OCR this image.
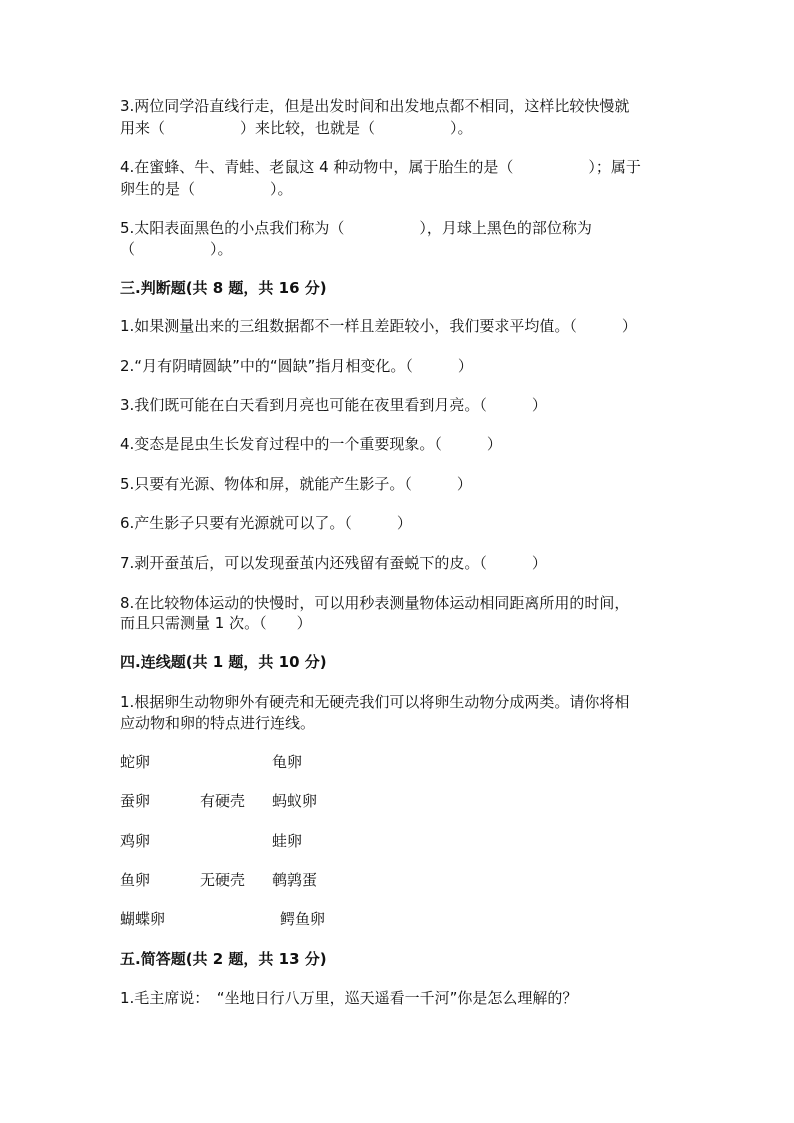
3.两位同学沿直线行走，但是出发时间和出发地点都不相同，这样比较快慢就
用来（　　　　　）来比较，也就是（　　　　　）。
4.在蜜蜂、牛、青蛙、老鼠这 4 种动物中，属于胎生的是（　　　　　）；属于
卵生的是（　　　　　）。
5.太阳表面黑色的小点我们称为（　　　　　），月球上黑色的部位称为
（　　　　　）。
三.判断题(共 8 题，共 16 分)
1.如果测量出来的三组数据都不一样且差距较小，我们要求平均值。（　　　）
2.“月有阴晴圆缺”中的“圆缺”指月相变化。（　　　）
3.我们既可能在白天看到月亮也可能在夜里看到月亮。（　　　）
4.变态是昆虫生长发育过程中的一个重要现象。（　　　）
5.只要有光源、物体和屏，就能产生影子。（　　　）
6.产生影子只要有光源就可以了。（　　　）
7.剥开蚕茧后，可以发现蚕茧内还残留有蚕蜕下的皮。（　　　）
8.在比较物体运动的快慢时，可以用秒表测量物体运动相同距离所用的时间，
而且只需测量 1 次。（　　）
四.连线题(共 1 题，共 10 分)
1.根据卵生动物卵外有硬壳和无硬壳我们可以将卵生动物分成两类。请你将相
应动物和卵的特点进行连线。
蛇卵
蚕卵
鸡卵
鱼卵
蝴蝶卵
有硬壳
无硬壳
龟卵
蚂蚁卵
蛙卵
鹌鹑蛋
鳄鱼卵
五.简答题(共 2 题，共 13 分)
1.毛主席说：　“坐地日行八万里，巡天遥看一千河”你是怎么理解的？
